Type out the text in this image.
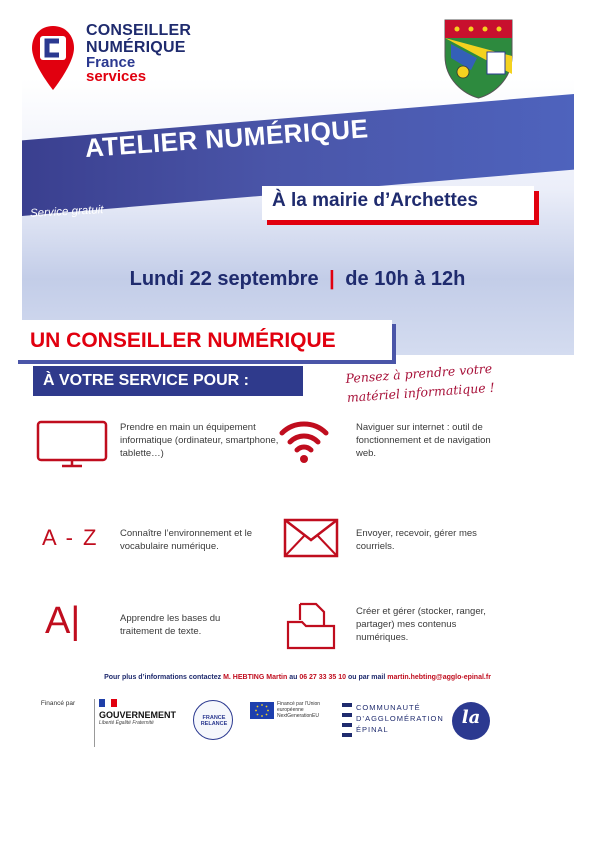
CONSEILLER
NUMÉRIQUE
France
services
ATELIER NUMÉRIQUE
Service gratuit
À la mairie d’Archettes
Lundi 22 septembre | de 10h à 12h
UN CONSEILLER NUMÉRIQUE
À VOTRE SERVICE POUR :	Pensez à prendre votre matériel informatique !
Prendre en main un équipement informatique (ordinateur, smartphone, tablette…)
Naviguer sur internet : outil de fonctionnement et de navigation web.
A - Z Connaître l’environnement et le vocabulaire numérique.
Envoyer, recevoir, gérer mes courriels.
A|	Apprendre les bases du traitement de texte.
Créer et gérer (stocker, ranger, partager) mes contenus numériques.
Pour plus d’informations contactez M. HEBTING Martin au 06 27 33 35 10 ou par mail martin.hebting@agglo-epinal.fr
Financé par
GOUVERNEMENT
Liberté Égalité Fraternité
FRANCE RELANCE
Financé par l’Union européenne NextGenerationEU
COMMUNAUTÉ
D’AGGLOMÉRATION
ÉPINAL
la
